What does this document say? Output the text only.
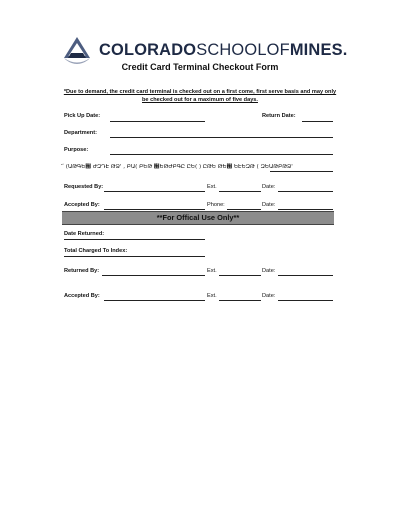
COLORADOSCHOOLOFMINES.
Credit Card Terminal Checkout Form
*Due to demand, the credit card terminal is checked out on a first come, first serve basis and may only be checked out for a maximum of five days.
Pick Up Date:	Return Date:
Department:
Purpose:
҃ (ԱԹԳԵ԰ ԺԶԴԷ ԹՁ' , ԲԱ( ԲԵԹ ԰ԵԹԺԲԳԸ ԸԵ( ) ԸԹԵ ԹԵ԰ ԵԷԵԶԹ ( ԶԵԱԹԲԹՁ'
Requested By:	Ext.	Date:
Accepted By:	Phone:	Date:
**For Offical Use Only**
Date Returned:
Total Charged To Index:
Returned By:	Ext.	Date:
Accepted By:	Ext.	Date:
